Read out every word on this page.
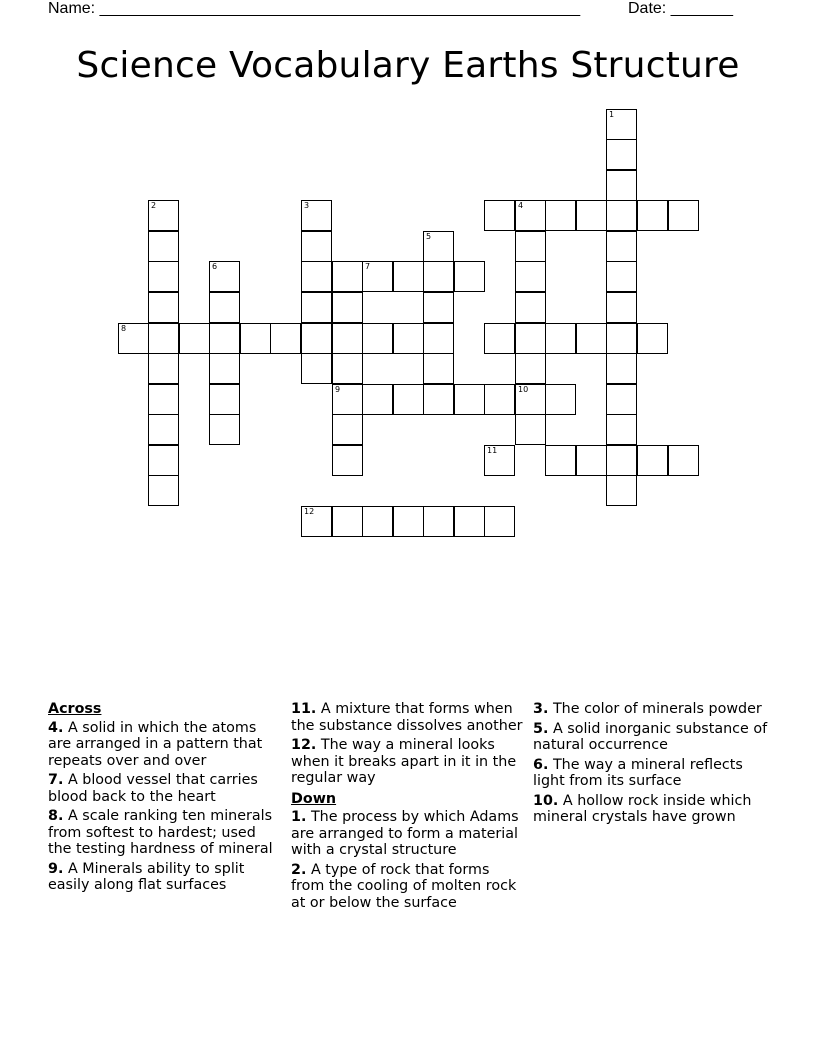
Name: ______________________________________________________	Date: _______
Science Vocabulary Earths Structure
1
2	3	4
10
6
5
9
7
8
11
12
Across
4. A solid in which the atoms are arranged in a pattern that repeats over and over
7. A blood vessel that carries blood back to the heart
8. A scale ranking ten minerals from softest to hardest; used the testing hardness of mineral
9. A Minerals ability to split easily along flat surfaces
11. A mixture that forms when the substance dissolves another
12. The way a mineral looks when it breaks apart in it in the regular way
Down
1. The process by which Adams are arranged to form a material with a crystal structure
2. A type of rock that forms from the cooling of molten rock at or below the surface
3. The color of minerals powder
5. A solid inorganic substance of natural occurrence
6. The way a mineral reflects light from its surface
10. A hollow rock inside which mineral crystals have grown
